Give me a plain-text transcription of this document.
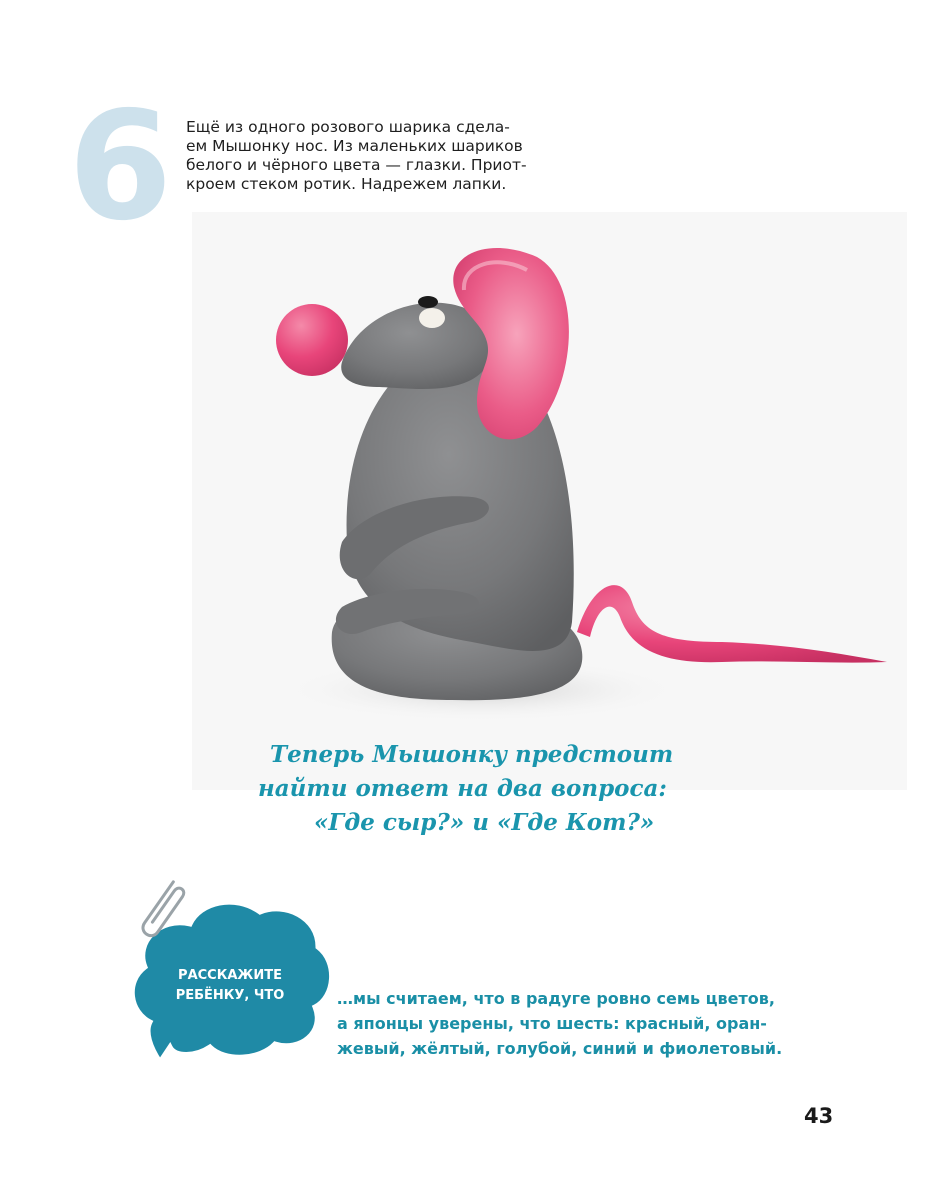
6 Ещё из одного розового шарика сдела-
ем Мышонку нос. Из маленьких шариков
белого и чёрного цвета — глазки. Приот-
кроем стеком ротик. Надрежем лапки.
Теперь Мышонку предстоит
найти ответ на два вопроса:
«Где сыр?» и «Где Кот?»
РАССКАЖИТЕ
РЕБЁНКУ, ЧТО	…мы считаем, что в радуге ровно семь цветов,
а японцы уверены, что шесть: красный, оран-
жевый, жёлтый, голубой, синий и фиолетовый.
43
